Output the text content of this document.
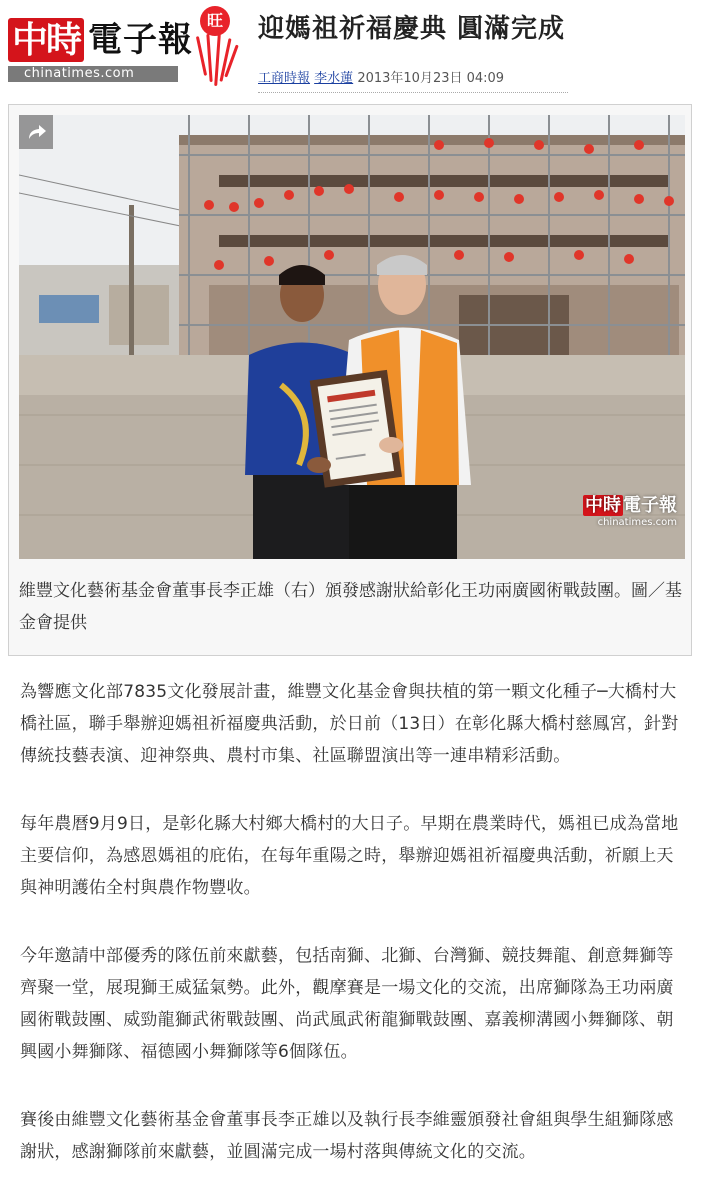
中時 電子報
chinatimes.com
旺 迎媽祖祈福慶典 圓滿完成
工商時報 李水蓮 2013年10月23日 04:09
中時 電子報
chinatimes.com
維豐文化藝術基金會董事長李正雄（右）頒發感謝狀給彰化王功兩廣國術戰鼓團。圖／基金會提供

為響應文化部7835文化發展計畫，維豐文化基金會與扶植的第一顆文化種子─大橋村大橋社區，聯手舉辦迎媽祖祈福慶典活動，於日前（13日）在彰化縣大橋村慈鳳宮，針對傳統技藝表演、迎神祭典、農村市集、社區聯盟演出等一連串精彩活動。

每年農曆9月9日，是彰化縣大村鄉大橋村的大日子。早期在農業時代，媽祖已成為當地主要信仰，為感恩媽祖的庇佑，在每年重陽之時，舉辦迎媽祖祈福慶典活動，祈願上天與神明護佑全村與農作物豐收。

今年邀請中部優秀的隊伍前來獻藝，包括南獅、北獅、台灣獅、競技舞龍、創意舞獅等齊聚一堂，展現獅王威猛氣勢。此外，觀摩賽是一場文化的交流，出席獅隊為王功兩廣國術戰鼓團、威勁龍獅武術戰鼓團、尚武風武術龍獅戰鼓團、嘉義柳溝國小舞獅隊、朝興國小舞獅隊、福德國小舞獅隊等6個隊伍。

賽後由維豐文化藝術基金會董事長李正雄以及執行長李維靈頒發社會組與學生組獅隊感謝狀，感謝獅隊前來獻藝，並圓滿完成一場村落與傳統文化的交流。
